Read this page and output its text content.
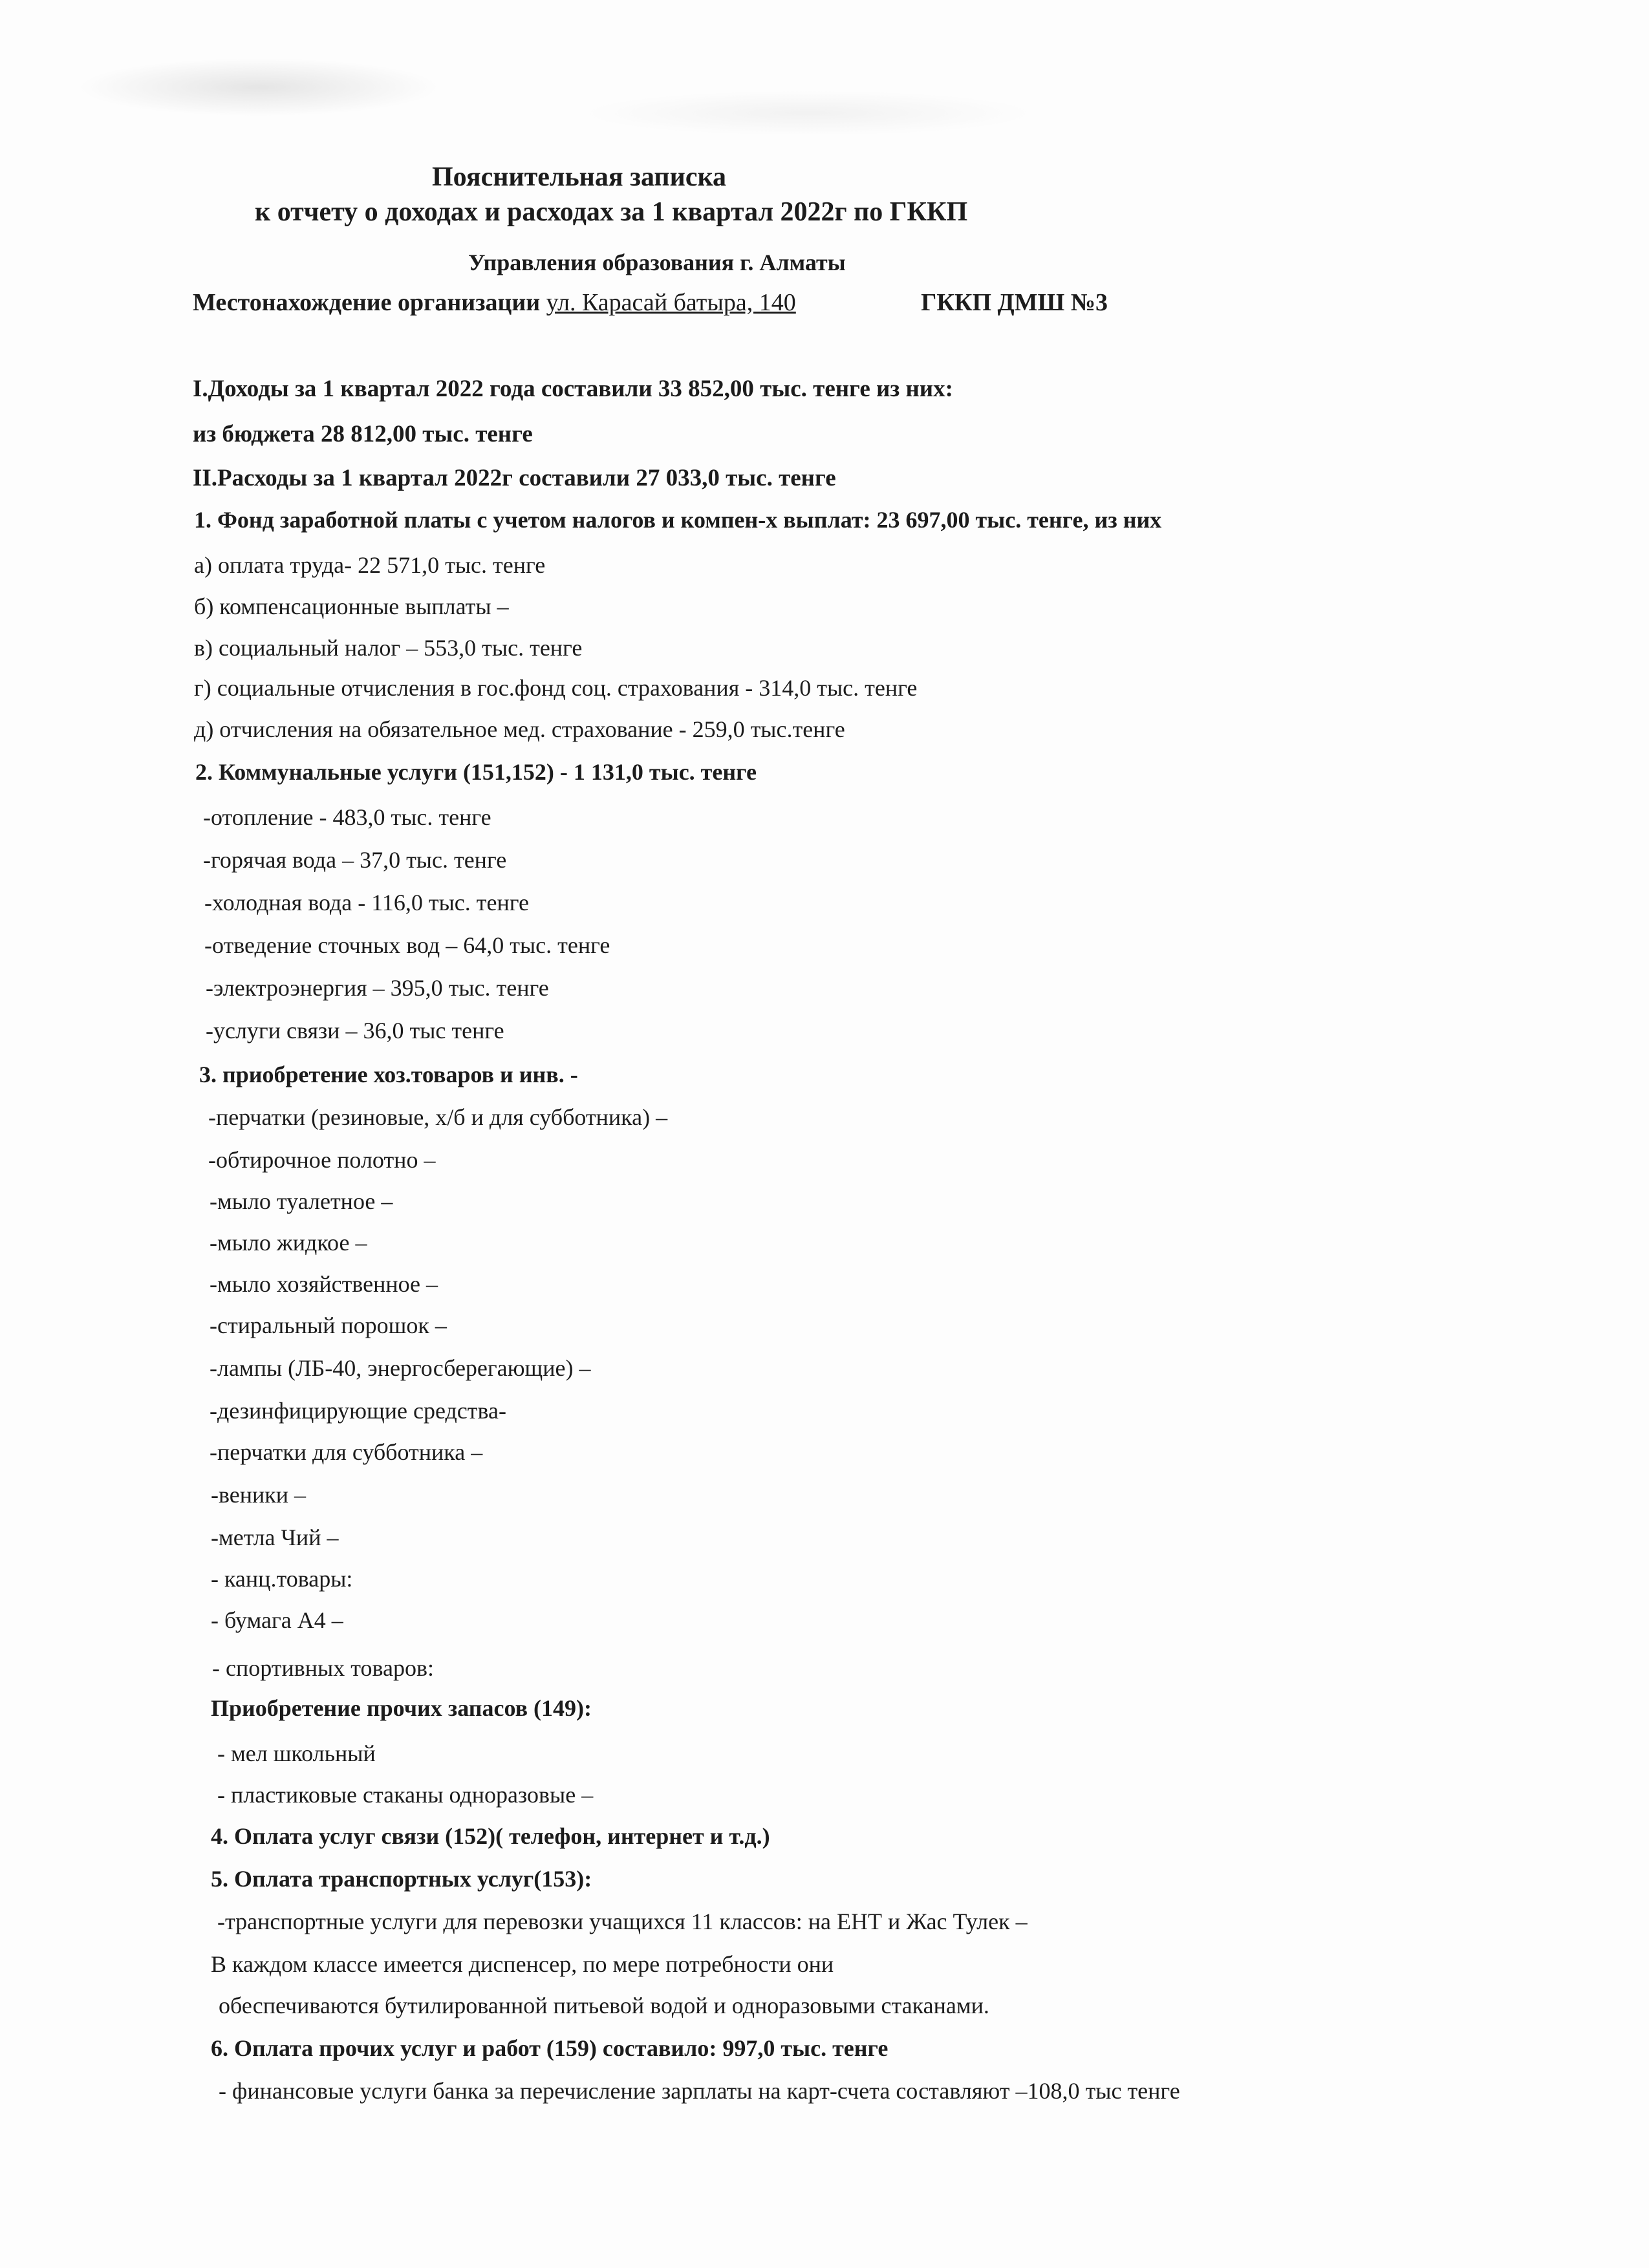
Пояснительная записка
к отчету о доходах и расходах за 1 квартал 2022г по ГККП
Управления образования г. Алматы
Местонахождение организации ул. Карасай батыра, 140	ГККП ДМШ №3
I.Доходы за 1 квартал 2022 года составили 33 852,00 тыс. тенге из них:
из бюджета 28 812,00 тыс. тенге
II.Расходы за 1 квартал 2022г составили 27 033,0 тыс. тенге
1. Фонд заработной платы с учетом налогов и компен-х выплат: 23 697,00 тыс. тенге, из них
а) оплата труда- 22 571,0 тыс. тенге
б) компенсационные выплаты –
в) социальный налог – 553,0 тыс. тенге
г) социальные отчисления в гос.фонд соц. страхования - 314,0 тыс. тенге
д) отчисления на обязательное мед. страхование - 259,0 тыс.тенге
2. Коммунальные услуги (151,152) - 1 131,0 тыс. тенге
-отопление - 483,0 тыс. тенге
-горячая вода – 37,0 тыс. тенге
-холодная вода - 116,0 тыс. тенге
-отведение сточных вод – 64,0 тыс. тенге
-электроэнергия – 395,0 тыс. тенге
-услуги связи – 36,0 тыс тенге
3. приобретение хоз.товаров и инв. -
-перчатки (резиновые, х/б и для субботника) –
-обтирочное полотно –
-мыло туалетное –
-мыло жидкое –
-мыло хозяйственное –
-стиральный порошок –
-лампы (ЛБ-40, энергосберегающие) –
-дезинфицирующие средства-
-перчатки для субботника –
-веники –
-метла Чий –
- канц.товары:
- бумага А4 –
- спортивных товаров:
Приобретение прочих запасов (149):
- мел школьный
- пластиковые стаканы одноразовые –
4. Оплата услуг связи (152)( телефон, интернет и т.д.)
5. Оплата транспортных услуг(153):
-транспортные услуги для перевозки учащихся 11 классов: на ЕНТ и Жас Тулек –
В каждом классе имеется диспенсер, по мере потребности они
обеспечиваются бутилированной питьевой водой и одноразовыми стаканами.
6. Оплата прочих услуг и работ (159) составило: 997,0 тыс. тенге
- финансовые услуги банка за перечисление зарплаты на карт-счета составляют –108,0 тыс тенге
